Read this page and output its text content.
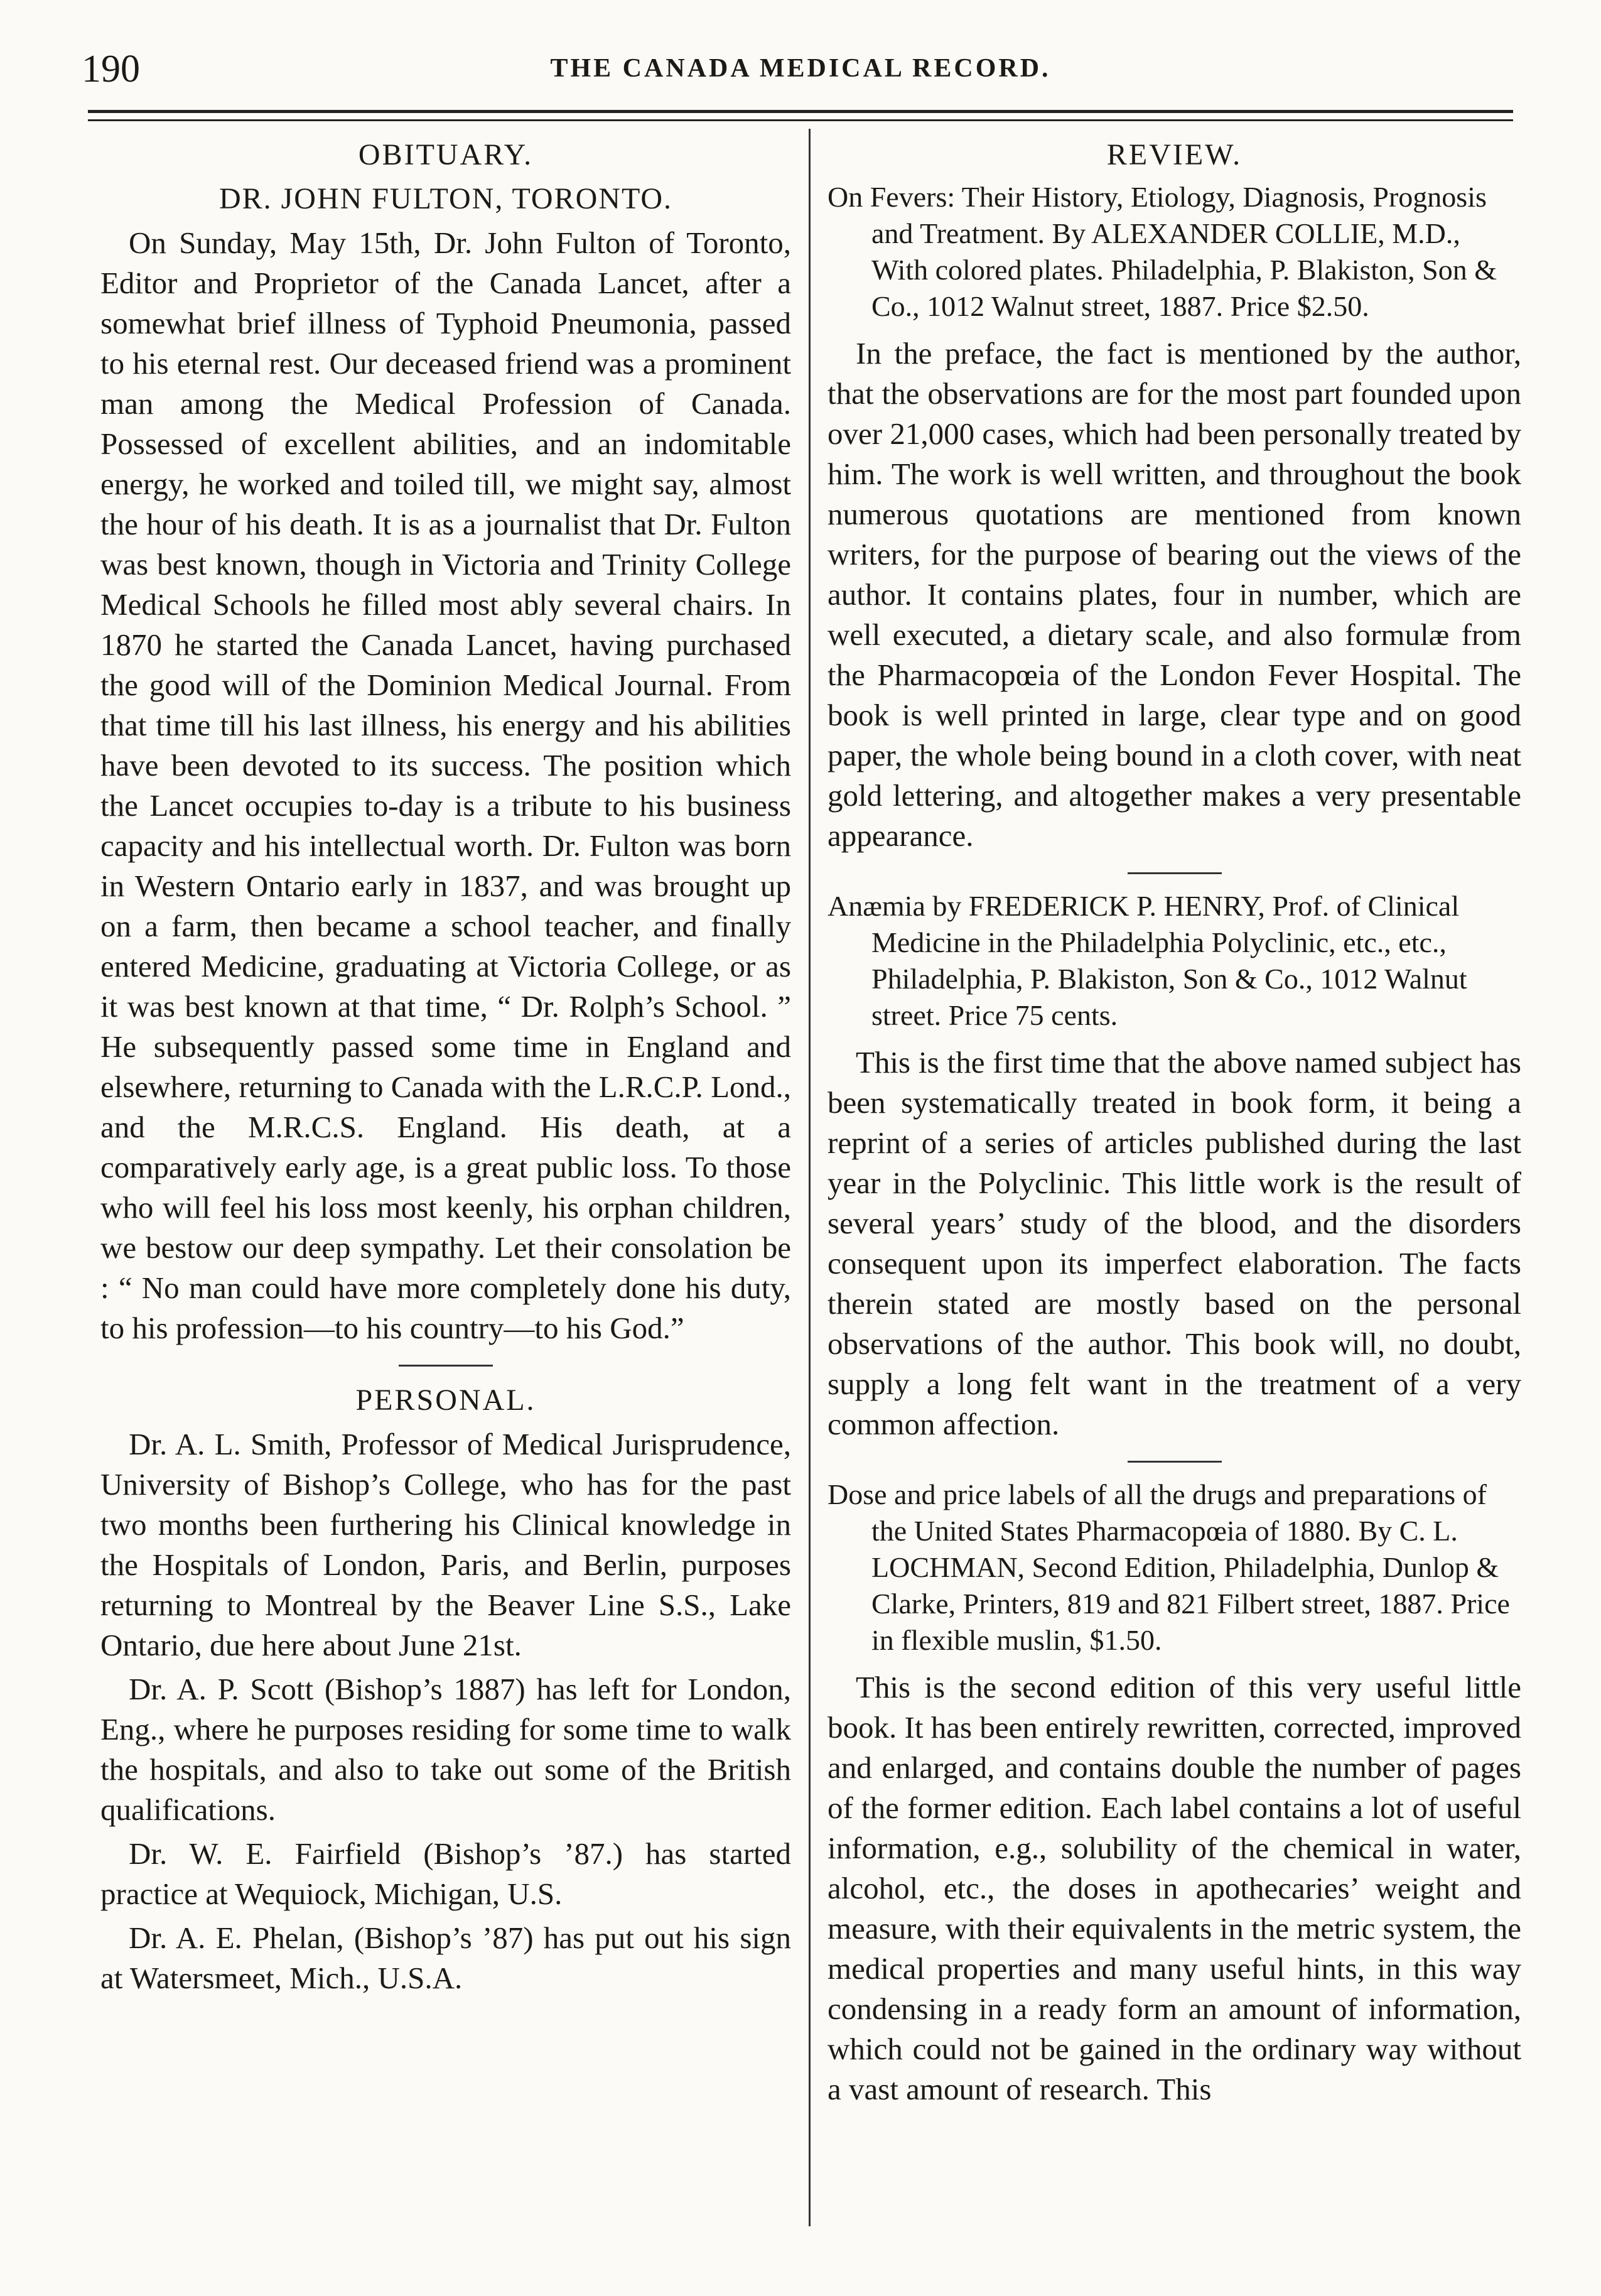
190	THE CANADA MEDICAL RECORD.
OBITUARY.
DR. JOHN FULTON, TORONTO.

On Sunday, May 15th, Dr. John Fulton of Toronto, Editor and Proprietor of the Canada Lancet, after a somewhat brief illness of Typhoid Pneumonia, passed to his eternal rest. Our deceased friend was a prominent man among the Medical Profession of Canada. Possessed of excellent abilities, and an indomitable energy, he worked and toiled till, we might say, almost the hour of his death. It is as a journalist that Dr. Fulton was best known, though in Victoria and Trinity College Medical Schools he filled most ably several chairs. In 1870 he started the Canada Lancet, having purchased the good will of the Dominion Medical Journal. From that time till his last illness, his energy and his abilities have been devoted to its success. The position which the Lancet occupies to-day is a tribute to his business capacity and his intellectual worth. Dr. Fulton was born in Western Ontario early in 1837, and was brought up on a farm, then became a school teacher, and finally entered Medicine, graduating at Victoria College, or as it was best known at that time, “ Dr. Rolph’s School. ” He subsequently passed some time in England and elsewhere, returning to Canada with the L.R.C.P. Lond., and the M.R.C.S. England. His death, at a comparatively early age, is a great public loss. To those who will feel his loss most keenly, his orphan children, we bestow our deep sympathy. Let their consolation be : “ No man could have more completely done his duty, to his profession—to his country—to his God.”

PERSONAL.

Dr. A. L. Smith, Professor of Medical Jurisprudence, University of Bishop’s College, who has for the past two months been furthering his Clinical knowledge in the Hospitals of London, Paris, and Berlin, purposes returning to Montreal by the Beaver Line S.S., Lake Ontario, due here about June 21st.

Dr. A. P. Scott (Bishop’s 1887) has left for London, Eng., where he purposes residing for some time to walk the hospitals, and also to take out some of the British qualifications.

Dr. W. E. Fairfield (Bishop’s ’87.) has started practice at Wequiock, Michigan, U.S.

Dr. A. E. Phelan, (Bishop’s ’87) has put out his sign at Watersmeet, Mich., U.S.A.

REVIEW.
On Fevers: Their History, Etiology, Diagnosis, Prognosis and Treatment. By ALEXANDER COLLIE, M.D., With colored plates. Philadelphia, P. Blakiston, Son & Co., 1012 Walnut street, 1887. Price $2.50.

In the preface, the fact is mentioned by the author, that the observations are for the most part founded upon over 21,000 cases, which had been personally treated by him. The work is well written, and throughout the book numerous quotations are mentioned from known writers, for the purpose of bearing out the views of the author. It contains plates, four in number, which are well executed, a dietary scale, and also formulæ from the Pharmacopœia of the London Fever Hospital. The book is well printed in large, clear type and on good paper, the whole being bound in a cloth cover, with neat gold lettering, and altogether makes a very presentable appearance.

Anæmia by FREDERICK P. HENRY, Prof. of Clinical Medicine in the Philadelphia Polyclinic, etc., etc., Philadelphia, P. Blakiston, Son & Co., 1012 Walnut street. Price 75 cents.

This is the first time that the above named subject has been systematically treated in book form, it being a reprint of a series of articles published during the last year in the Polyclinic. This little work is the result of several years’ study of the blood, and the disorders consequent upon its imperfect elaboration. The facts therein stated are mostly based on the personal observations of the author. This book will, no doubt, supply a long felt want in the treatment of a very common affection.

Dose and price labels of all the drugs and preparations of the United States Pharmacopœia of 1880. By C. L. LOCHMAN, Second Edition, Philadelphia, Dunlop & Clarke, Printers, 819 and 821 Filbert street, 1887. Price in flexible muslin, $1.50.

This is the second edition of this very useful little book. It has been entirely rewritten, corrected, improved and enlarged, and contains double the number of pages of the former edition. Each label contains a lot of useful information, e.g., solubility of the chemical in water, alcohol, etc., the doses in apothecaries’ weight and measure, with their equivalents in the metric system, the medical properties and many useful hints, in this way condensing in a ready form an amount of information, which could not be gained in the ordinary way without a vast amount of research. This
